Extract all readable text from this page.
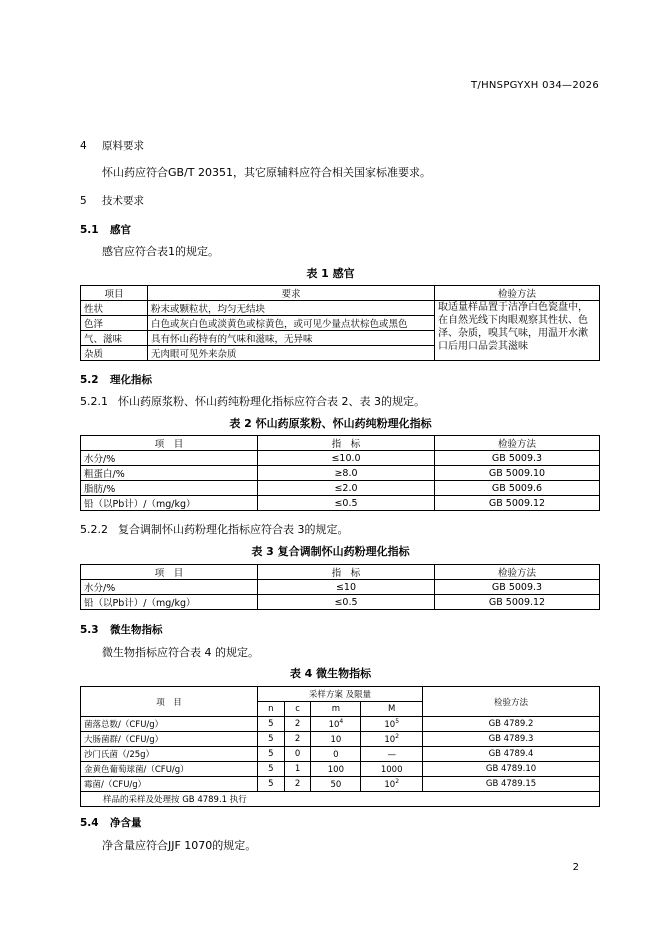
T/HNSPGYXH 034—2026
4 原料要求
怀山药应符合GB/T 20351，其它原辅料应符合相关国家标准要求。
5 技术要求
5.1 感官
感官应符合表1的规定。
表 1 感官
项目	要求	检验方法
性状	粉末或颗粒状，均匀无结块	取适量样品置于洁净白色瓷盘中，在自然光线下肉眼观察其性状、色泽、杂质，嗅其气味，用温开水漱口后用口品尝其滋味
色泽	白色或灰白色或淡黄色或棕黄色，或可见少量点状棕色或黑色	
气、滋味	具有怀山药特有的气味和滋味，无异味	
杂质	无肉眼可见外来杂质	
5.2 理化指标
5.2.1 怀山药原浆粉、怀山药纯粉理化指标应符合表 2、表 3的规定。
表 2 怀山药原浆粉、怀山药纯粉理化指标
项　目	指　标	检验方法
水分/%	≤10.0	GB 5009.3
粗蛋白/%	≥8.0	GB 5009.10
脂肪/%	≤2.0	GB 5009.6
铅（以Pb计）/（mg/kg）	≤0.5	GB 5009.12
5.2.2 复合调制怀山药粉理化指标应符合表 3的规定。
表 3 复合调制怀山药粉理化指标
项　目	指　标	检验方法
水分/%	≤10	GB 5009.3
铅（以Pb计）/（mg/kg）	≤0.5	GB 5009.12
5.3 微生物指标
微生物指标应符合表 4 的规定。
表 4 微生物指标
项　目	采样方案 及限量				检验方法
	n	c	m	M	
菌落总数/（CFU/g）	5	2	$10^4$	$10^5$	GB 4789.2
大肠菌群/（CFU/g）	5	2	10	$10^2$	GB 4789.3
沙门氏菌（/25g）	5	0	0	—	GB 4789.4
金黄色葡萄球菌/（CFU/g）	5	1	100	1000	GB 4789.10
霉菌/（CFU/g）	5	2	50	$10^2$	GB 4789.15
样品的采样及处理按 GB 4789.1 执行					
5.4 净含量
净含量应符合JJF 1070的规定。
2
